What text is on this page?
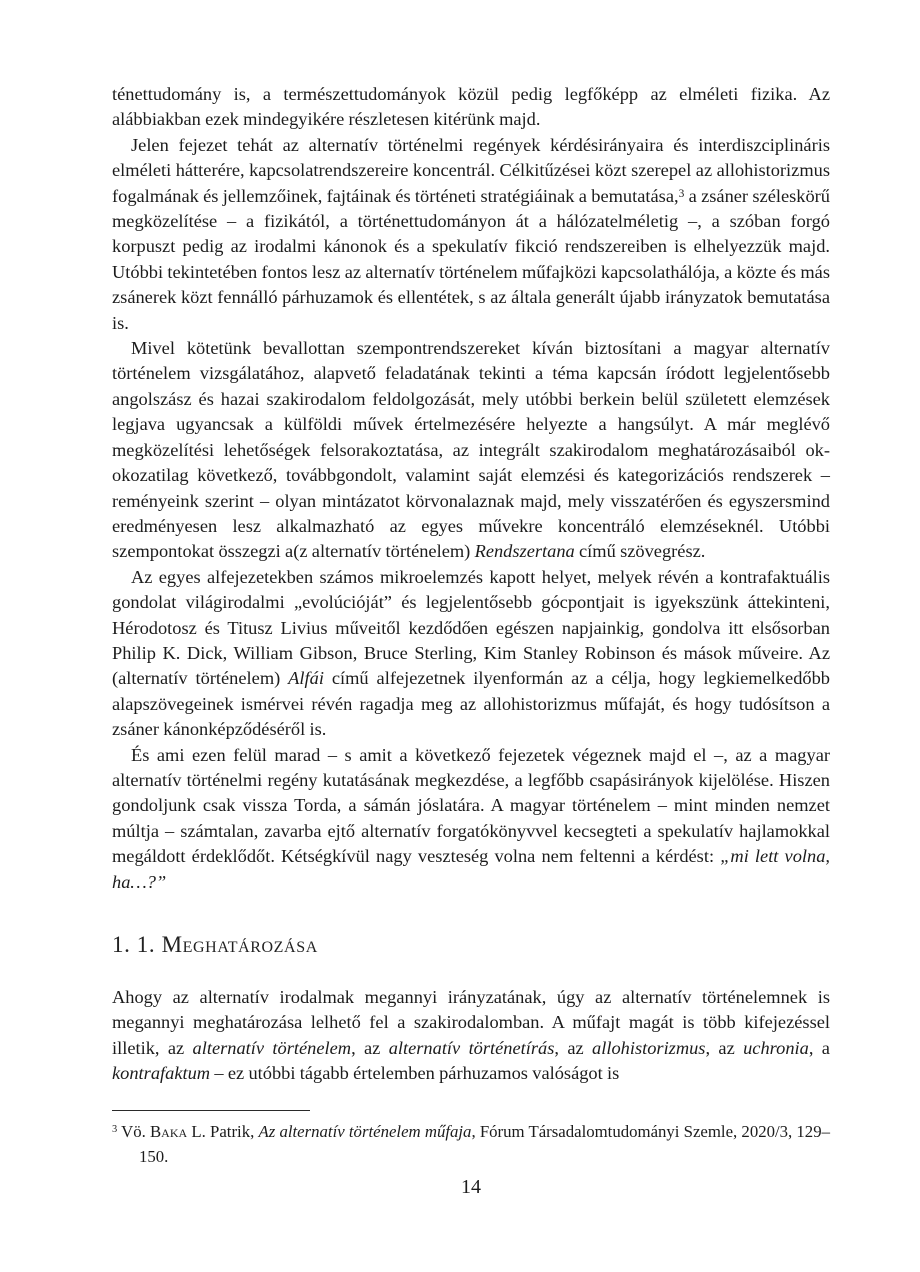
ténettudomány is, a természettudományok közül pedig legfőképp az elméleti fizika. Az alábbiakban ezek mindegyikére részletesen kitérünk majd.

Jelen fejezet tehát az alternatív történelmi regények kérdésirányaira és interdiszciplináris elméleti hátterére, kapcsolatrendszereire koncentrál. Célkitűzései közt szerepel az allohistorizmus fogalmának és jellemzőinek, fajtáinak és történeti stratégiáinak a bemutatása,$^3$ a zsáner széleskörű megközelítése – a fizikától, a történettudományon át a hálózatelméletig –, a szóban forgó korpuszt pedig az irodalmi kánonok és a spekulatív fikció rendszereiben is elhelyezzük majd. Utóbbi tekintetében fontos lesz az alternatív történelem műfajközi kapcsolathálója, a közte és más zsánerek közt fennálló párhuzamok és ellentétek, s az általa generált újabb irányzatok bemutatása is.

Mivel kötetünk bevallottan szempontrendszereket kíván biztosítani a magyar alternatív történelem vizsgálatához, alapvető feladatának tekinti a téma kapcsán íródott legjelentősebb angolszász és hazai szakirodalom feldolgozását, mely utóbbi berkein belül született elemzések legjava ugyancsak a külföldi művek értelmezésére helyezte a hangsúlyt. A már meglévő megközelítési lehetőségek felsorakoztatása, az integrált szakirodalom meghatározásaiból ok-okozatilag következő, továbbgondolt, valamint saját elemzési és kategorizációs rendszerek – reményeink szerint – olyan mintázatot körvonalaznak majd, mely visszatérően és egyszersmind eredményesen lesz alkalmazható az egyes művekre koncentráló elemzéseknél. Utóbbi szempontokat összegzi a(z alternatív történelem) Rendszertana című szövegrész.

Az egyes alfejezetekben számos mikroelemzés kapott helyet, melyek révén a kontrafaktuális gondolat világirodalmi „evolúcióját” és legjelentősebb gócpontjait is igyekszünk áttekinteni, Hérodotosz és Titusz Livius műveitől kezdődően egészen napjainkig, gondolva itt elsősorban Philip K. Dick, William Gibson, Bruce Sterling, Kim Stanley Robinson és mások műveire. Az (alternatív történelem) Alfái című alfejezetnek ilyenformán az a célja, hogy legkiemelkedőbb alapszövegeinek ismérvei révén ragadja meg az allohistorizmus műfaját, és hogy tudósítson a zsáner kánonképződéséről is.

És ami ezen felül marad – s amit a következő fejezetek végeznek majd el –, az a magyar alternatív történelmi regény kutatásának megkezdése, a legfőbb csapásirányok kijelölése. Hiszen gondoljunk csak vissza Torda, a sámán jóslatára. A magyar történelem – mint minden nemzet múltja – számtalan, zavarba ejtő alternatív forgatókönyvvel kecsegteti a spekulatív hajlamokkal megáldott érdeklődőt. Kétségkívül nagy veszteség volna nem feltenni a kérdést: „mi lett volna, ha…?”

1. 1. Meghatározása

Ahogy az alternatív irodalmak megannyi irányzatának, úgy az alternatív történelemnek is megannyi meghatározása lelhető fel a szakirodalomban. A műfajt magát is több kifejezéssel illetik, az alternatív történelem, az alternatív történetírás, az allohistorizmus, az uchronia, a kontrafaktum – ez utóbbi tágabb értelemben párhuzamos valóságot is

$^3$ Vö. Baka L. Patrik, Az alternatív történelem műfaja, Fórum Társadalomtudományi Szemle, 2020/3, 129–150.

14
